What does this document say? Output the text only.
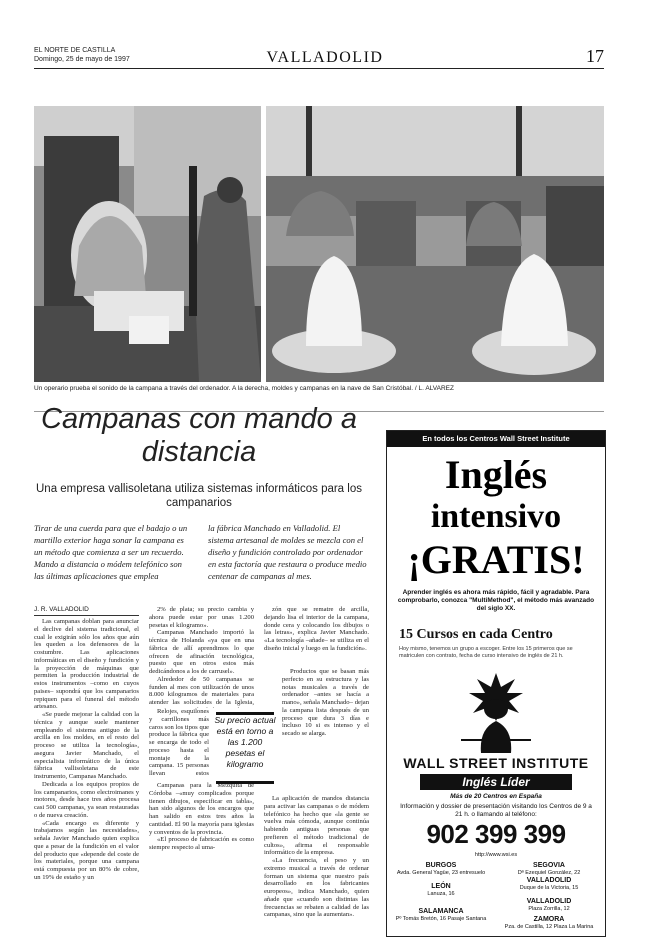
EL NORTE DE CASTILLA
Domingo, 25 de mayo de 1997	VALLADOLID	17
Un operario prueba el sonido de la campana a través del ordenador. A la derecha, moldes y campanas en la nave de San Cristóbal. / L. ALVAREZ
Campanas con mando a distancia
Una empresa vallisoletana utiliza sistemas informáticos para los campanarios
Tirar de una cuerda para que el badajo o un martillo exterior haga sonar la campana es un método que comienza a ser un recuerdo. Mando a distancia o módem telefónico son las últimas aplicaciones que emplea
la fábrica Manchado en Valladolid. El sistema artesanal de moldes se mezcla con el diseño y fundición controlado por ordenador en esta factoría que restaura o produce medio centenar de campanas al mes.
J. R. VALLADOLID

Las campanas doblan para anunciar el declive del sistema tradicional, el cual le exigirán sólo los años que aún les queden a los defensores de la costumbre. Las aplicaciones informáticas en el diseño y fundición y la proyección de máquinas que permiten la producción industrial de estos instrumentos –como en cuyos paises– supondrá que los campanarios repiquen para el funeral del método artesano.

«Se puede mejorar la calidad con la técnica y aunque suele mantener empleando el sistema antiguo de la arcilla en los moldes, en el resto del proceso se utiliza la tecnología», asegura Javier Manchado, el especialista informático de la única fábrica vallisoletana de este instrumento, Campanas Manchado.

Dedicada a los equipos propios de los campanarios, como electroimanes y motores, desde hace tres años procesa casi 500 campanas, ya sean restauradas o de nueva creación.

«Cada encargo es diferente y trabajamos según las necesidades», señala Javier Manchado quien explica que a pesar de la fundición en el valor del producto que «depende del coste de los materiales, porque una campana está compuesta por un 80% de cobre, un 19% de estaño y un

2% de plata; su precio cambia y ahora puede estar por unas 1.200 pesetas el kilogramo».

Campanas Manchado importó la técnica de Holanda «ya que en una fábrica de allí aprendimos lo que ofrecen de afinación tecnológica, puesto que en otros estos más dedicándonos a los de carrusel».

Alrededor de 50 campanas se funden al mes con utilización de unos 8.000 kilogramos de materiales para atender las solicitudes de la Iglesia,

Relojes, esquilones y carrillones más caros son los tipos que produce la fábrica que se encarga de todo el proceso hasta el montaje de la campana. 15 personas llevan estos

Campanas para la Mezquita de Córdoba –«muy complicados porque tienen dibujos, especificar en tabla», han sido algunos de los encargos que han salido en estos tres años la cantidad. El 90 la mayoría para iglesias y conventos de la provincia.

«El proceso de fabricación es como siempre respecto al uma-

Su precio actual está en torno a las 1.200 pesetas el kilogramo

zón que se rematre de arcilla, dejando lisa el interior de la campana, donde cera y colocando los dibujos o las letras», explica Javier Manchado. «La tecnología –añade– se utiliza en el diseño inicial y luego en la fundición».

Productos que se basan más perfecto en su estructura y las notas musicales a través de ordenador –antes se hacía a mano», señala Manchado– dejan la campana lista después de un proceso que dura 3 días e incluso 10 si es intenso y el secado se alarga.

La aplicación de mandos distancia para activar las campanas o de módem telefónico ha hecho que «la gente se vuelva más cómoda, aunque continúa habiendo antiguas personas que prefieren el método tradicional de cultos», afirma el responsable informático de la empresa.

«La frecuencia, el peso y un extremo musical a través de ordenar forman un sistema que nuestro país desarrollado en los fabricantes europeos», indica Manchado, quien añade que «cuando son distintas las frecuencias se rebaten a calidad de las campanas, sino que la aumentan».

En todos los Centros Wall Street Institute
Inglés
intensivo
¡GRATIS!
Aprender inglés es ahora más rápido, fácil y agradable. Para comprobarlo, conozca "MultiMethod", el método más avanzado del siglo XX.
15 Cursos en cada Centro
Hoy mismo, tenemos un grupo a escoger. Entre los 15 primeros que se matriculen con contrato, fecha de curso intensivo de inglés de 21 h.
WALL STREET INSTITUTE
Inglés Líder
Más de 20 Centros en España
Información y dossier de presentación visitando los Centros de 9 a 21 h. o llamando al teléfono:
902 399 399
http://www.wsi.es
BURGOS
Avda. General Yagüe, 23 entresuelo
SEGOVIA
Dª Ezequiel González, 22
VALLADOLID
Duque de la Victoria, 15
LEÓN
Lanuza, 16
VALLADOLID
Plaza Zorrilla, 12
SALAMANCA
Pº Tomás Bretón, 16 Pasaje Santana	ZAMORA
Pza. de Castilla, 12 Plaza La Marina
